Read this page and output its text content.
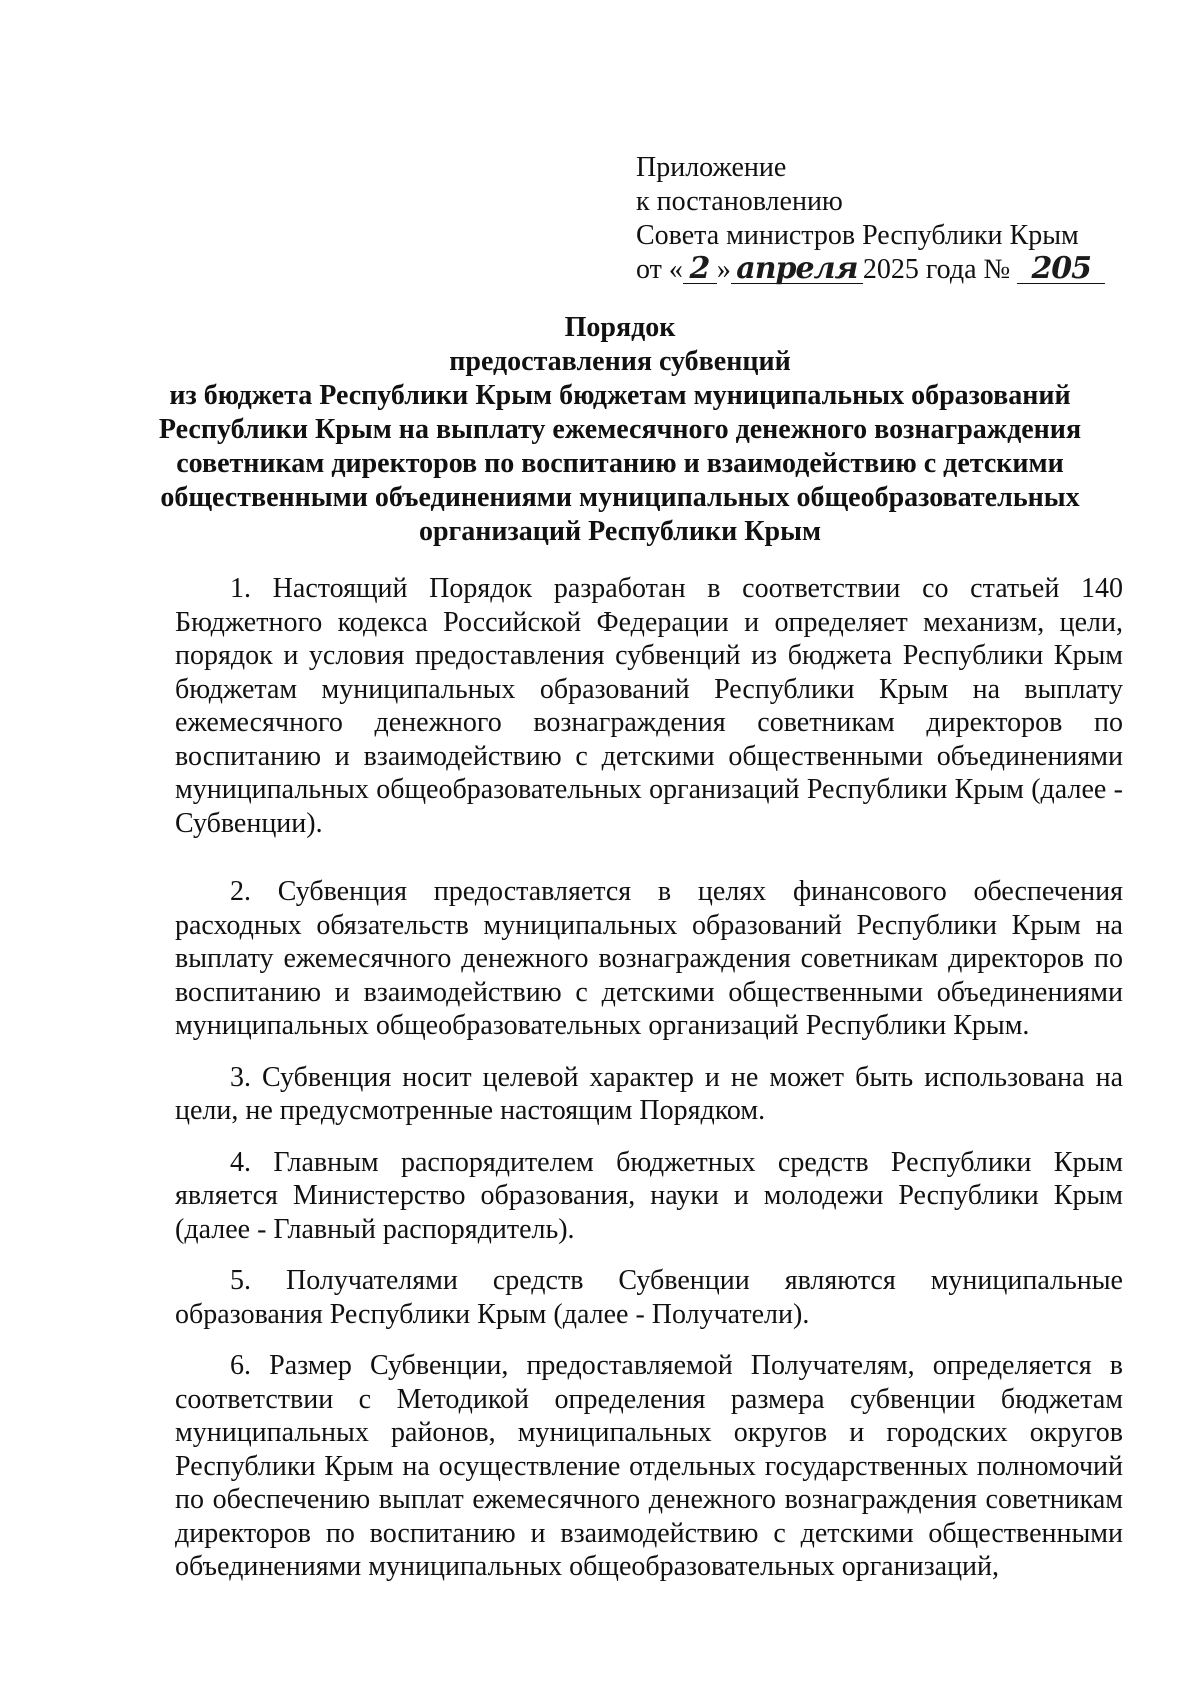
Приложение
к постановлению
Совета министров Республики Крым
от « 2 » апреля 2025 года № 205
Порядок
предоставления субвенций
из бюджета Республики Крым бюджетам муниципальных образований
Республики Крым на выплату ежемесячного денежного вознаграждения
советникам директоров по воспитанию и взаимодействию с детскими
общественными объединениями муниципальных общеобразовательных
организаций Республики Крым

1. Настоящий Порядок разработан в соответствии со статьей 140 Бюджетного кодекса Российской Федерации и определяет механизм, цели, порядок и условия предоставления субвенций из бюджета Республики Крым бюджетам муниципальных образований Республики Крым на выплату ежемесячного денежного вознаграждения советникам директоров по воспитанию и взаимодействию с детскими общественными объединениями муниципальных общеобразовательных организаций Республики Крым (далее - Субвенции).

2. Субвенция предоставляется в целях финансового обеспечения расходных обязательств муниципальных образований Республики Крым на выплату ежемесячного денежного вознаграждения советникам директоров по воспитанию и взаимодействию с детскими общественными объединениями муниципальных общеобразовательных организаций Республики Крым.

3. Субвенция носит целевой характер и не может быть использована на цели, не предусмотренные настоящим Порядком.

4. Главным распорядителем бюджетных средств Республики Крым является Министерство образования, науки и молодежи Республики Крым (далее - Главный распорядитель).

5. Получателями средств Субвенции являются муниципальные образования Республики Крым (далее - Получатели).

6. Размер Субвенции, предоставляемой Получателям, определяется в соответствии с Методикой определения размера субвенции бюджетам муниципальных районов, муниципальных округов и городских округов Республики Крым на осуществление отдельных государственных полномочий по обеспечению выплат ежемесячного денежного вознаграждения советникам директоров по воспитанию и взаимодействию с детскими общественными объединениями муниципальных общеобразовательных организаций,
